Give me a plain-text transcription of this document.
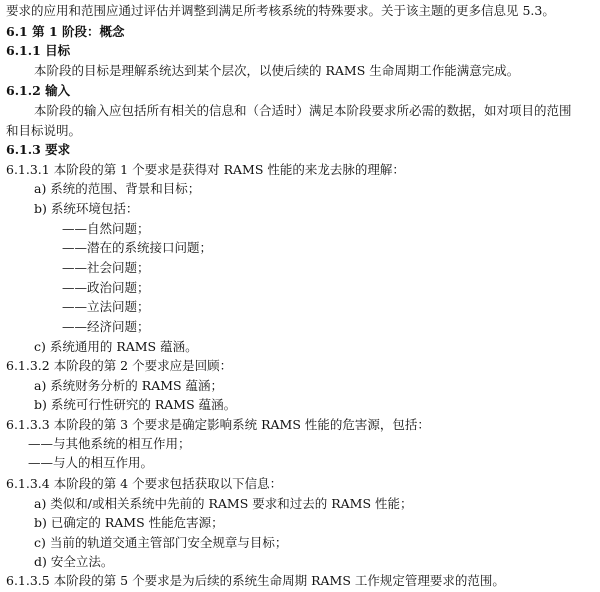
要求的应用和范围应通过评估并调整到满足所考核系统的特殊要求。关于该主题的更多信息见 5.3。
6.1 第 1 阶段：概念
6.1.1 目标
本阶段的目标是理解系统达到某个层次，以使后续的 RAMS 生命周期工作能满意完成。
6.1.2 输入
本阶段的输入应包括所有相关的信息和（合适时）满足本阶段要求所必需的数据，如对项目的范围
和目标说明。
6.1.3 要求
6.1.3.1 本阶段的第 1 个要求是获得对 RAMS 性能的来龙去脉的理解：
a) 系统的范围、背景和目标；
b) 系统环境包括：
——自然问题；
——潜在的系统接口问题；
——社会问题；
——政治问题；
——立法问题；
——经济问题；
c) 系统通用的 RAMS 蕴涵。
6.1.3.2 本阶段的第 2 个要求应是回顾：
a) 系统财务分析的 RAMS 蕴涵；
b) 系统可行性研究的 RAMS 蕴涵。
6.1.3.3 本阶段的第 3 个要求是确定影响系统 RAMS 性能的危害源，包括：
——与其他系统的相互作用；
——与人的相互作用。
6.1.3.4 本阶段的第 4 个要求包括获取以下信息：
a) 类似和/或相关系统中先前的 RAMS 要求和过去的 RAMS 性能；
b) 已确定的 RAMS 性能危害源；
c) 当前的轨道交通主管部门安全规章与目标；
d) 安全立法。
6.1.3.5 本阶段的第 5 个要求是为后续的系统生命周期 RAMS 工作规定管理要求的范围。
